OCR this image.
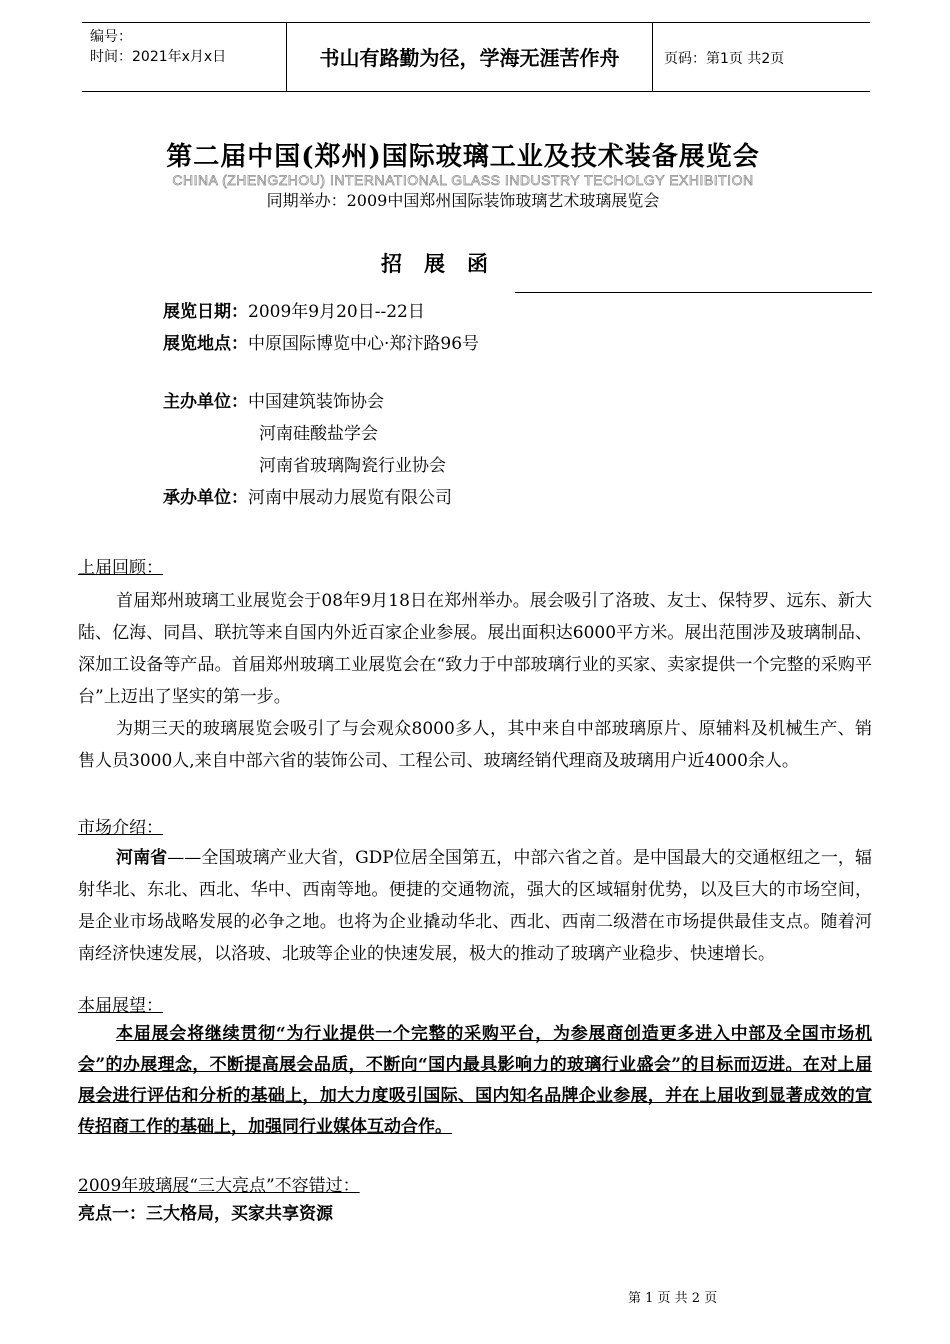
编号：
时间：2021年x月x日	书山有路勤为径，学海无涯苦作舟	页码：第1页 共2页
第二届中国(郑州)国际玻璃工业及技术装备展览会
CHINA (ZHENGZHOU) INTERNATIONAL GLASS INDUSTRY TECHOLGY EXHIBITION
同期举办：2009中国郑州国际装饰玻璃艺术玻璃展览会
招展函
展览日期：2009年9月20日--22日
展览地点：中原国际博览中心·郑汴路96号
主办单位：中国建筑装饰协会
河南硅酸盐学会
河南省玻璃陶瓷行业协会
承办单位：河南中展动力展览有限公司
上届回顾：
首届郑州玻璃工业展览会于08年9月18日在郑州举办。展会吸引了洛玻、友士、保特罗、远东、新大陆、亿海、同昌、联抗等来自国内外近百家企业参展。展出面积达6000平方米。展出范围涉及玻璃制品、深加工设备等产品。首届郑州玻璃工业展览会在“致力于中部玻璃行业的买家、卖家提供一个完整的采购平台”上迈出了坚实的第一步。
为期三天的玻璃展览会吸引了与会观众8000多人，其中来自中部玻璃原片、原辅料及机械生产、销售人员3000人,来自中部六省的装饰公司、工程公司、玻璃经销代理商及玻璃用户近4000余人。
市场介绍：
河南省——全国玻璃产业大省，GDP位居全国第五，中部六省之首。是中国最大的交通枢纽之一，辐射华北、东北、西北、华中、西南等地。便捷的交通物流，强大的区域辐射优势，以及巨大的市场空间，是企业市场战略发展的必争之地。也将为企业撬动华北、西北、西南二级潜在市场提供最佳支点。随着河南经济快速发展，以洛玻、北玻等企业的快速发展，极大的推动了玻璃产业稳步、快速增长。
本届展望：
本届展会将继续贯彻“为行业提供一个完整的采购平台，为参展商创造更多进入中部及全国市场机会”的办展理念，不断提高展会品质，不断向“国内最具影响力的玻璃行业盛会”的目标而迈进。在对上届展会进行评估和分析的基础上，加大力度吸引国际、国内知名品牌企业参展，并在上届收到显著成效的宣传招商工作的基础上，加强同行业媒体互动合作。
2009年玻璃展“三大亮点”不容错过：
亮点一：三大格局，买家共享资源
第 1 页 共 2 页
